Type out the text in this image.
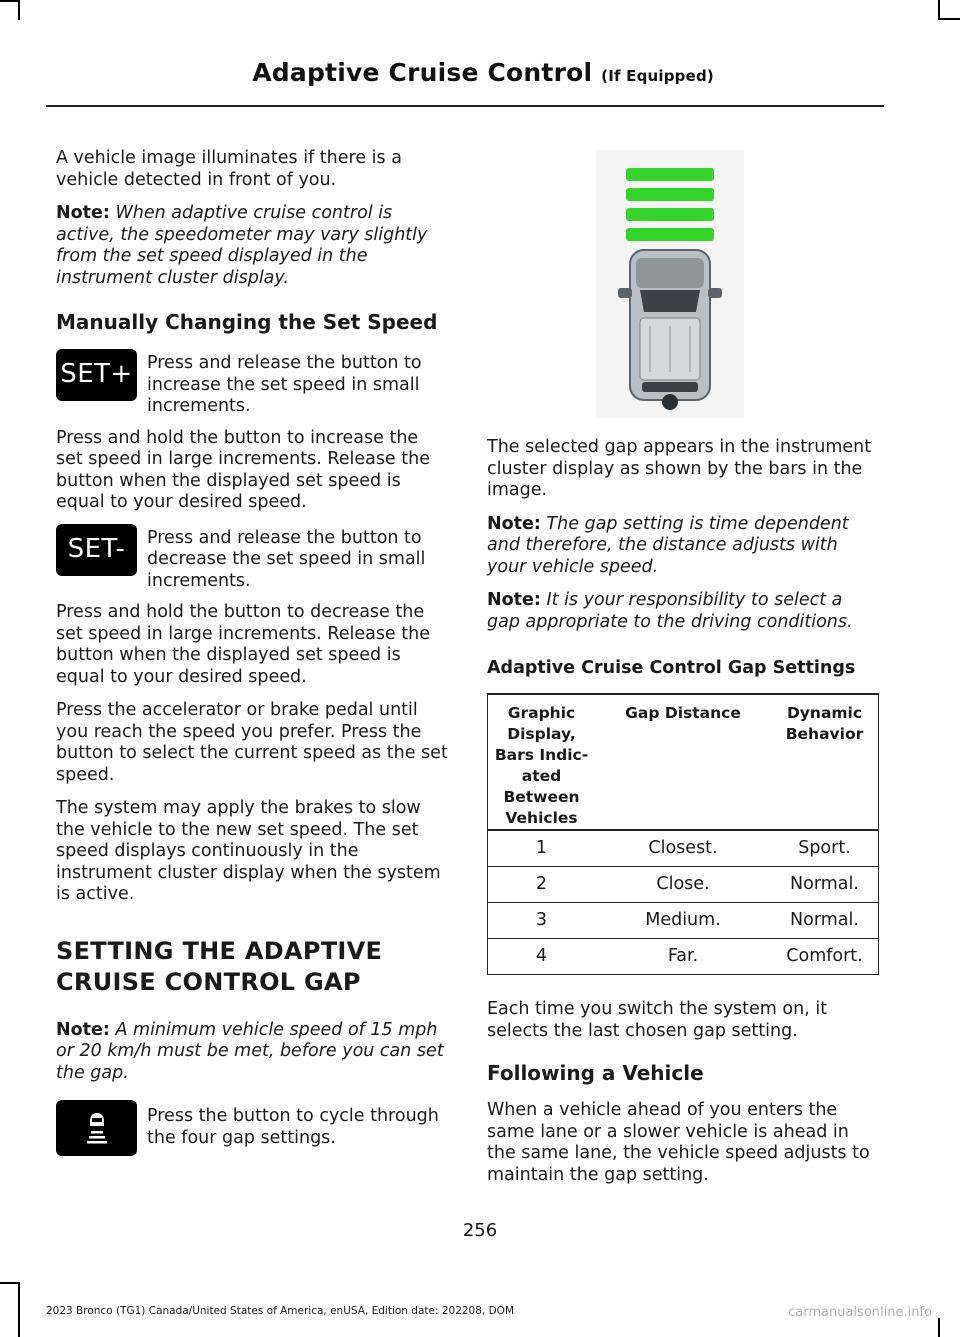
Adaptive Cruise Control (If Equipped)

A vehicle image illuminates if there is a vehicle detected in front of you.

Note: When adaptive cruise control is active, the speedometer may vary slightly from the set speed displayed in the instrument cluster display.

Manually Changing the Set Speed
SET+ Press and release the button to increase the set speed in small increments.

Press and hold the button to increase the set speed in large increments. Release the button when the displayed set speed is equal to your desired speed.

SET-	Press and release the button to decrease the set speed in small increments.

Press and hold the button to decrease the set speed in large increments. Release the button when the displayed set speed is equal to your desired speed.

Press the accelerator or brake pedal until you reach the speed you prefer. Press the button to select the current speed as the set speed.

The system may apply the brakes to slow the vehicle to the new set speed. The set speed displays continuously in the instrument cluster display when the system is active.

SETTING THE ADAPTIVE
CRUISE CONTROL GAP

Note: A minimum vehicle speed of 15 mph or 20 km/h must be met, before you can set the gap.

Press the button to cycle through the four gap settings.

The selected gap appears in the instrument cluster display as shown by the bars in the image.

Note: The gap setting is time dependent and therefore, the distance adjusts with your vehicle speed.

Note: It is your responsibility to select a gap appropriate to the driving conditions.

Adaptive Cruise Control Gap Settings
Graphic Display, Bars Indic-ated Between Vehicles	Gap Distance	Dynamic Behavior
1	Closest.	Sport.
2	Close.	Normal.
3	Medium.	Normal.
4	Far.	Comfort.

Each time you switch the system on, it selects the last chosen gap setting.

Following a Vehicle

When a vehicle ahead of you enters the same lane or a slower vehicle is ahead in the same lane, the vehicle speed adjusts to maintain the gap setting.

256
2023 Bronco (TG1) Canada/United States of America, enUSA, Edition date: 202208, DOM	carmanualsonline.info
